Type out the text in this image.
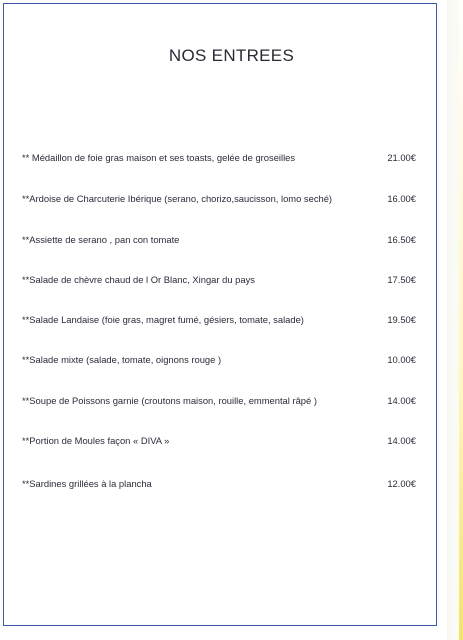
NOS ENTREES
** Médaillon de foie gras maison et ses toasts, gelée de groseilles	21.00€
**Ardoise de Charcuterie Ibérique (serano, chorizo,saucisson, lomo seché)	16.00€
**Assiette de serano , pan con tomate	16.50€
**Salade de chèvre chaud de l Or Blanc, Xingar du pays	17.50€
**Salade Landaise (foie gras, magret fumé, gésiers, tomate, salade)	19.50€
**Salade mixte (salade, tomate, oignons rouge )	10.00€
**Soupe de Poissons garnie (croutons maison, rouille, emmental râpé )	14.00€
**Portion de Moules façon « DIVA »	14.00€
**Sardines grillées à la plancha	12.00€
